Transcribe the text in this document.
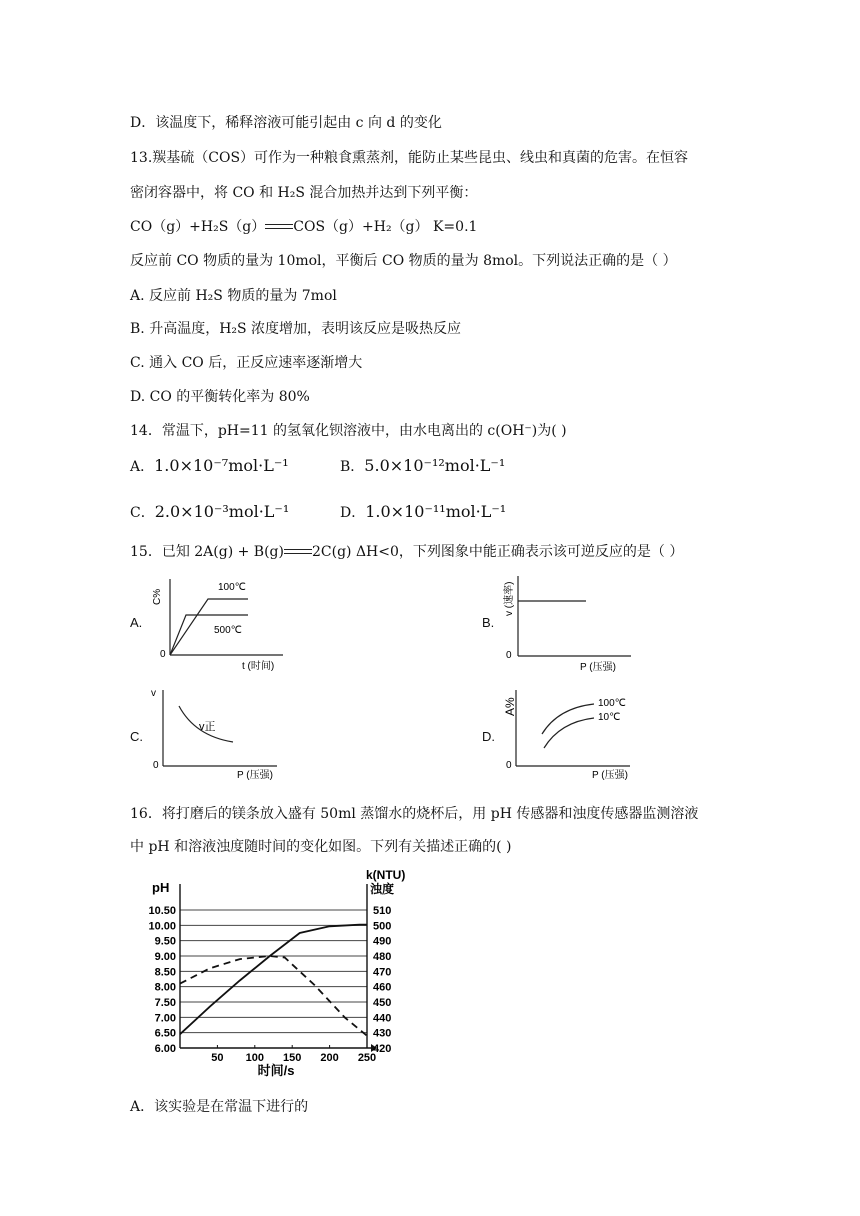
D．该温度下，稀释溶液可能引起由 c 向 d 的变化
13.羰基硫（COS）可作为一种粮食熏蒸剂，能防止某些昆虫、线虫和真菌的危害。在恒容
密闭容器中，将 CO 和 H₂S 混合加热并达到下列平衡：
CO（g）+H₂S（g） COS（g）+H₂（g） K=0.1
反应前 CO 物质的量为 10mol，平衡后 CO 物质的量为 8mol。下列说法正确的是（ ）
A. 反应前 H₂S 物质的量为 7mol
B. 升高温度，H₂S 浓度增加，表明该反应是吸热反应
C. 通入 CO 后，正反应速率逐渐增大
D. CO 的平衡转化率为 80%
14．常温下，pH=11 的氢氧化钡溶液中，由水电离出的 c(OH⁻)为( )
A．1.0×10⁻⁷mol·L⁻¹	B．5.0×10⁻¹²mol·L⁻¹
C．2.0×10⁻³mol·L⁻¹	D．1.0×10⁻¹¹mol·L⁻¹
15．已知 2A(g) + B(g) 2C(g) ΔH<0，下列图象中能正确表示该可逆反应的是（ ）
A.
C%
100℃
500℃
0
t (时间)
B.
v (速率)
0
P (压强)
C.
v
v正
0
P (压强)
D.
A%	100℃
10℃
0
P (压强)
16．将打磨后的镁条放入盛有 50ml 蒸馏水的烧杯后，用 pH 传感器和浊度传感器监测溶液
中 pH 和溶液浊度随时间的变化如图。下列有关描述正确的( )
pH
k(NTU)
浊度
时间/s
10.50
10.00
9.50
9.00
8.50
8.00
7.50
7.00
6.50
6.00
510
500
490
480
470
460
450
440
430
420
50 100 150 200 250
A．该实验是在常温下进行的
